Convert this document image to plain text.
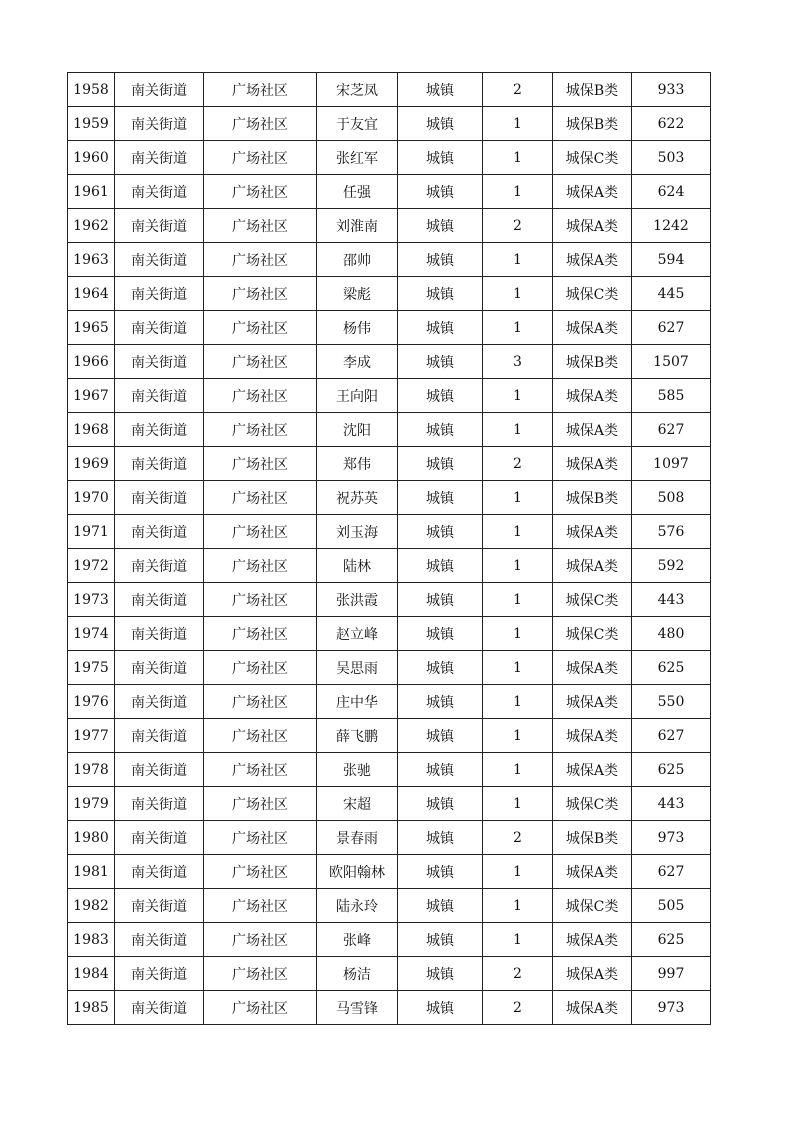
1958	南关街道	广场社区	宋芝凤	城镇	2	城保B类	933
1959	南关街道	广场社区	于友宜	城镇	1	城保B类	622
1960	南关街道	广场社区	张红军	城镇	1	城保C类	503
1961	南关街道	广场社区	任强	城镇	1	城保A类	624
1962	南关街道	广场社区	刘淮南	城镇	2	城保A类	1242
1963	南关街道	广场社区	邵帅	城镇	1	城保A类	594
1964	南关街道	广场社区	梁彪	城镇	1	城保C类	445
1965	南关街道	广场社区	杨伟	城镇	1	城保A类	627
1966	南关街道	广场社区	李成	城镇	3	城保B类	1507
1967	南关街道	广场社区	王向阳	城镇	1	城保A类	585
1968	南关街道	广场社区	沈阳	城镇	1	城保A类	627
1969	南关街道	广场社区	郑伟	城镇	2	城保A类	1097
1970	南关街道	广场社区	祝苏英	城镇	1	城保B类	508
1971	南关街道	广场社区	刘玉海	城镇	1	城保A类	576
1972	南关街道	广场社区	陆林	城镇	1	城保A类	592
1973	南关街道	广场社区	张洪霞	城镇	1	城保C类	443
1974	南关街道	广场社区	赵立峰	城镇	1	城保C类	480
1975	南关街道	广场社区	吴思雨	城镇	1	城保A类	625
1976	南关街道	广场社区	庄中华	城镇	1	城保A类	550
1977	南关街道	广场社区	薛飞鹏	城镇	1	城保A类	627
1978	南关街道	广场社区	张驰	城镇	1	城保A类	625
1979	南关街道	广场社区	宋超	城镇	1	城保C类	443
1980	南关街道	广场社区	景春雨	城镇	2	城保B类	973
1981	南关街道	广场社区	欧阳翰林	城镇	1	城保A类	627
1982	南关街道	广场社区	陆永玲	城镇	1	城保C类	505
1983	南关街道	广场社区	张峰	城镇	1	城保A类	625
1984	南关街道	广场社区	杨洁	城镇	2	城保A类	997
1985	南关街道	广场社区	马雪锋	城镇	2	城保A类	973
